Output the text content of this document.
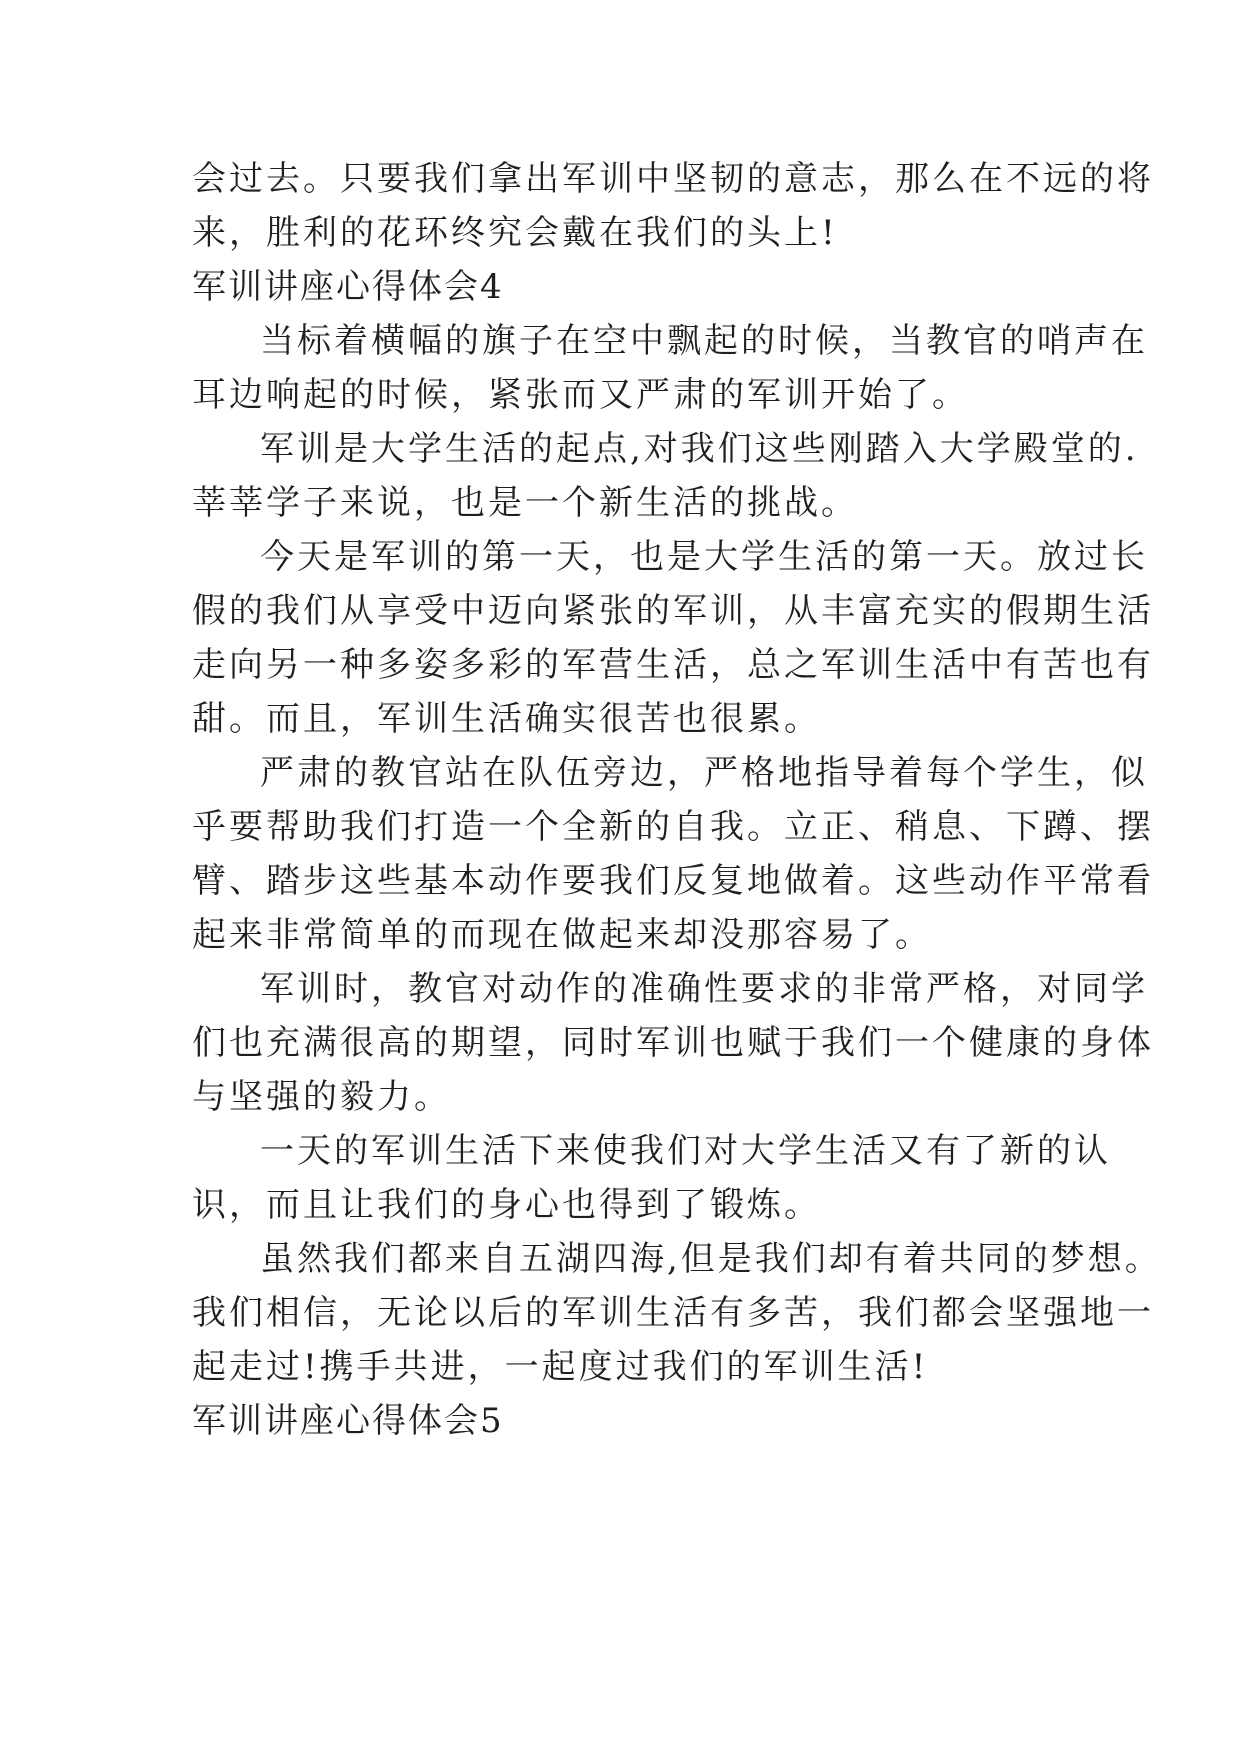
会过去。只要我们拿出军训中坚韧的意志，那么在不远的将
来，胜利的花环终究会戴在我们的头上!
军训讲座心得体会4
当标着横幅的旗子在空中飘起的时候，当教官的哨声在
耳边响起的时候，紧张而又严肃的军训开始了。
军训是大学生活的起点,对我们这些刚踏入大学殿堂的.
莘莘学子来说，也是一个新生活的挑战。
今天是军训的第一天，也是大学生活的第一天。放过长
假的我们从享受中迈向紧张的军训，从丰富充实的假期生活
走向另一种多姿多彩的军营生活，总之军训生活中有苦也有
甜。而且，军训生活确实很苦也很累。
严肃的教官站在队伍旁边，严格地指导着每个学生，似
乎要帮助我们打造一个全新的自我。立正、稍息、下蹲、摆
臂、踏步这些基本动作要我们反复地做着。这些动作平常看
起来非常简单的而现在做起来却没那容易了。
军训时，教官对动作的准确性要求的非常严格，对同学
们也充满很高的期望，同时军训也赋于我们一个健康的身体
与坚强的毅力。
一天的军训生活下来使我们对大学生活又有了新的认
识，而且让我们的身心也得到了锻炼。
虽然我们都来自五湖四海,但是我们却有着共同的梦想。
我们相信，无论以后的军训生活有多苦，我们都会坚强地一
起走过!携手共进，一起度过我们的军训生活!
军训讲座心得体会5
